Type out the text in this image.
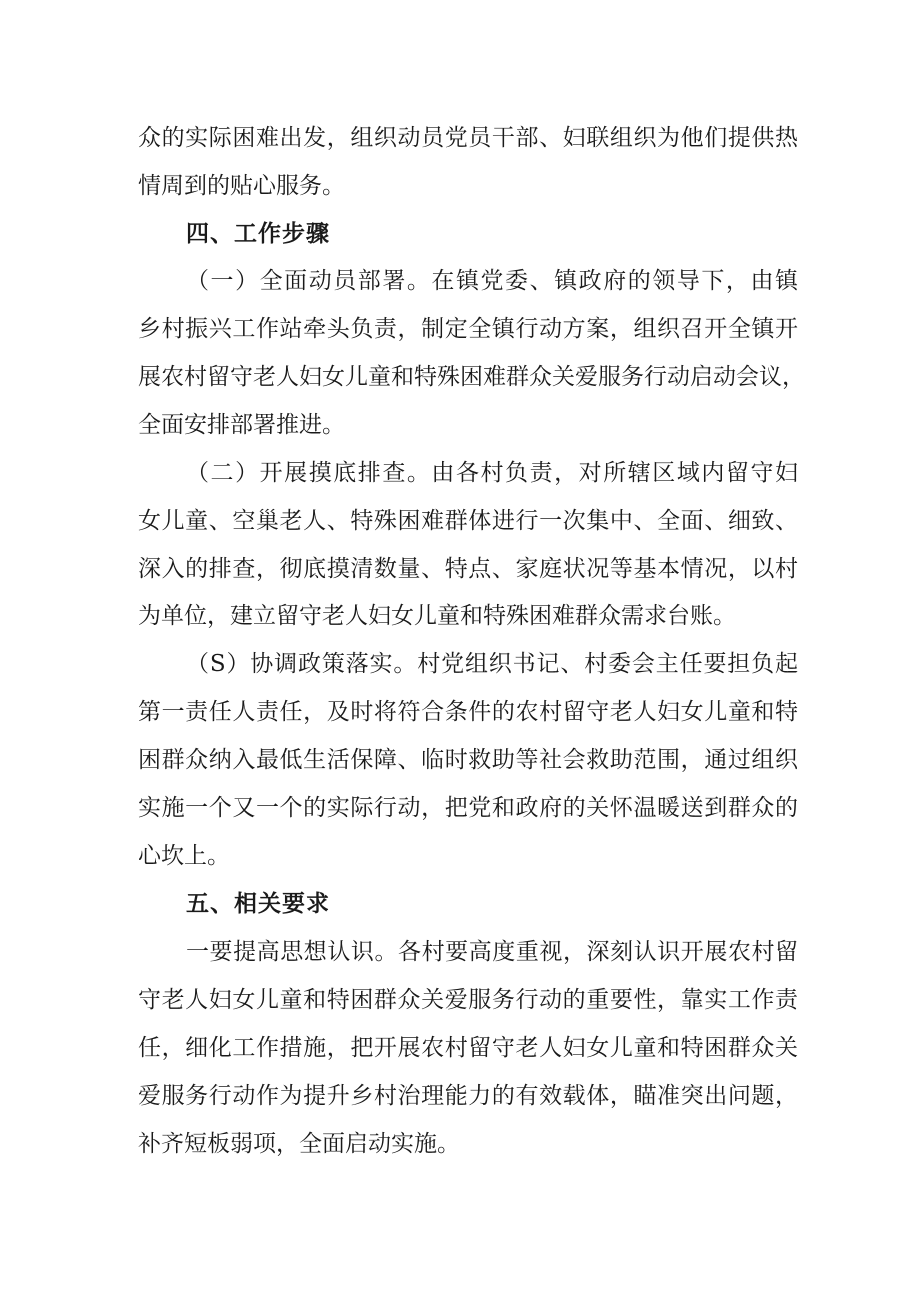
众的实际困难出发，组织动员党员干部、妇联组织为他们提供热
情周到的贴心服务。
四、工作步骤
（一）全面动员部署。在镇党委、镇政府的领导下，由镇
乡村振兴工作站牵头负责，制定全镇行动方案，组织召开全镇开
展农村留守老人妇女儿童和特殊困难群众关爱服务行动启动会议，
全面安排部署推进。
（二）开展摸底排查。由各村负责，对所辖区域内留守妇
女儿童、空巢老人、特殊困难群体进行一次集中、全面、细致、
深入的排查，彻底摸清数量、特点、家庭状况等基本情况，以村
为单位，建立留守老人妇女儿童和特殊困难群众需求台账。
（S）协调政策落实。村党组织书记、村委会主任要担负起
第一责任人责任，及时将符合条件的农村留守老人妇女儿童和特
困群众纳入最低生活保障、临时救助等社会救助范围，通过组织
实施一个又一个的实际行动，把党和政府的关怀温暖送到群众的
心坎上。
五、相关要求
一要提高思想认识。各村要高度重视，深刻认识开展农村留
守老人妇女儿童和特困群众关爱服务行动的重要性，靠实工作责
任，细化工作措施，把开展农村留守老人妇女儿童和特困群众关
爱服务行动作为提升乡村治理能力的有效载体，瞄准突出问题，
补齐短板弱项，全面启动实施。
